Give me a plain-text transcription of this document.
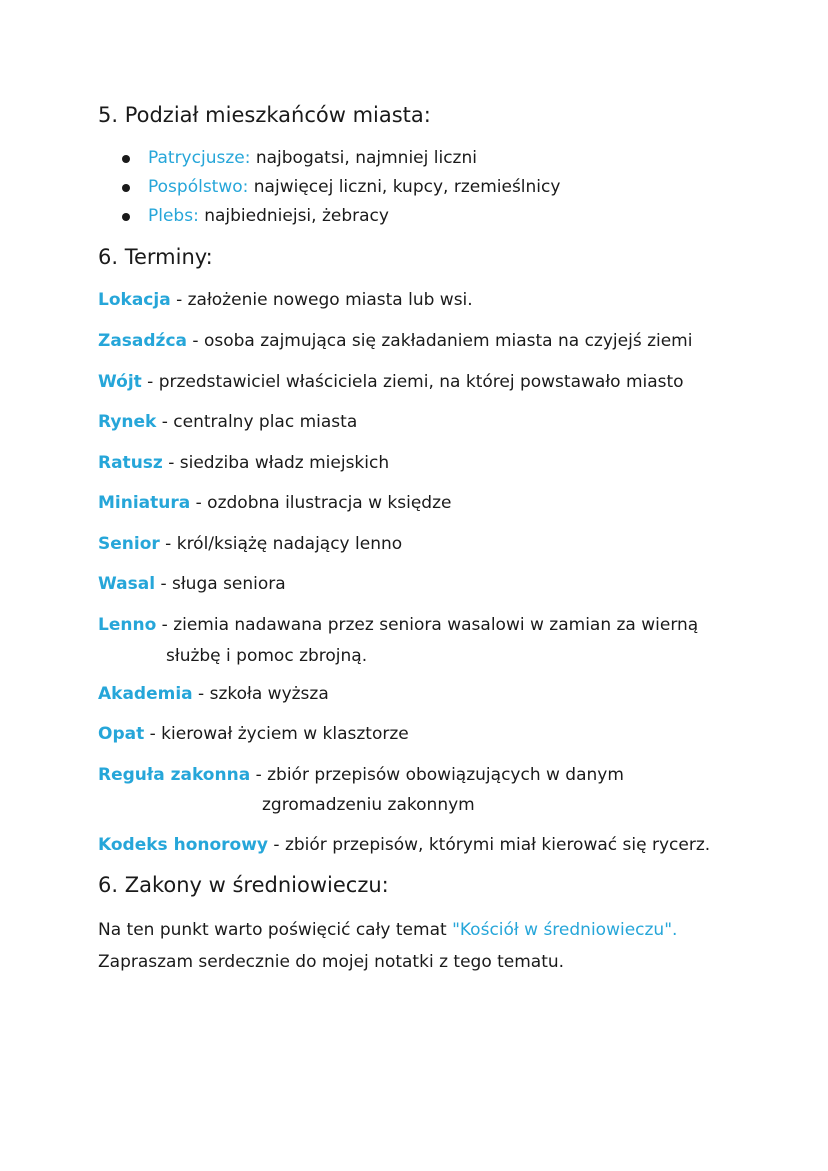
5. Podział mieszkańców miasta:
Patrycjusze: najbogatsi, najmniej liczni
Pospólstwo: najwięcej liczni, kupcy, rzemieślnicy
Plebs: najbiedniejsi, żebracy
6. Terminy:
Lokacja - założenie nowego miasta lub wsi.
Zasadźca - osoba zajmująca się zakładaniem miasta na czyjejś ziemi
Wójt - przedstawiciel właściciela ziemi, na której powstawało miasto
Rynek - centralny plac miasta
Ratusz - siedziba władz miejskich
Miniatura - ozdobna ilustracja w księdze
Senior - król/książę nadający lenno
Wasal - sługa seniora
Lenno - ziemia nadawana przez seniora wasalowi w zamian za wierną
służbę i pomoc zbrojną.
Akademia - szkoła wyższa
Opat - kierował życiem w klasztorze
Reguła zakonna - zbiór przepisów obowiązujących w danym
zgromadzeniu zakonnym
Kodeks honorowy - zbiór przepisów, którymi miał kierować się rycerz.
6. Zakony w średniowieczu:
Na ten punkt warto poświęcić cały temat "Kościół w średniowieczu".
Zapraszam serdecznie do mojej notatki z tego tematu.
